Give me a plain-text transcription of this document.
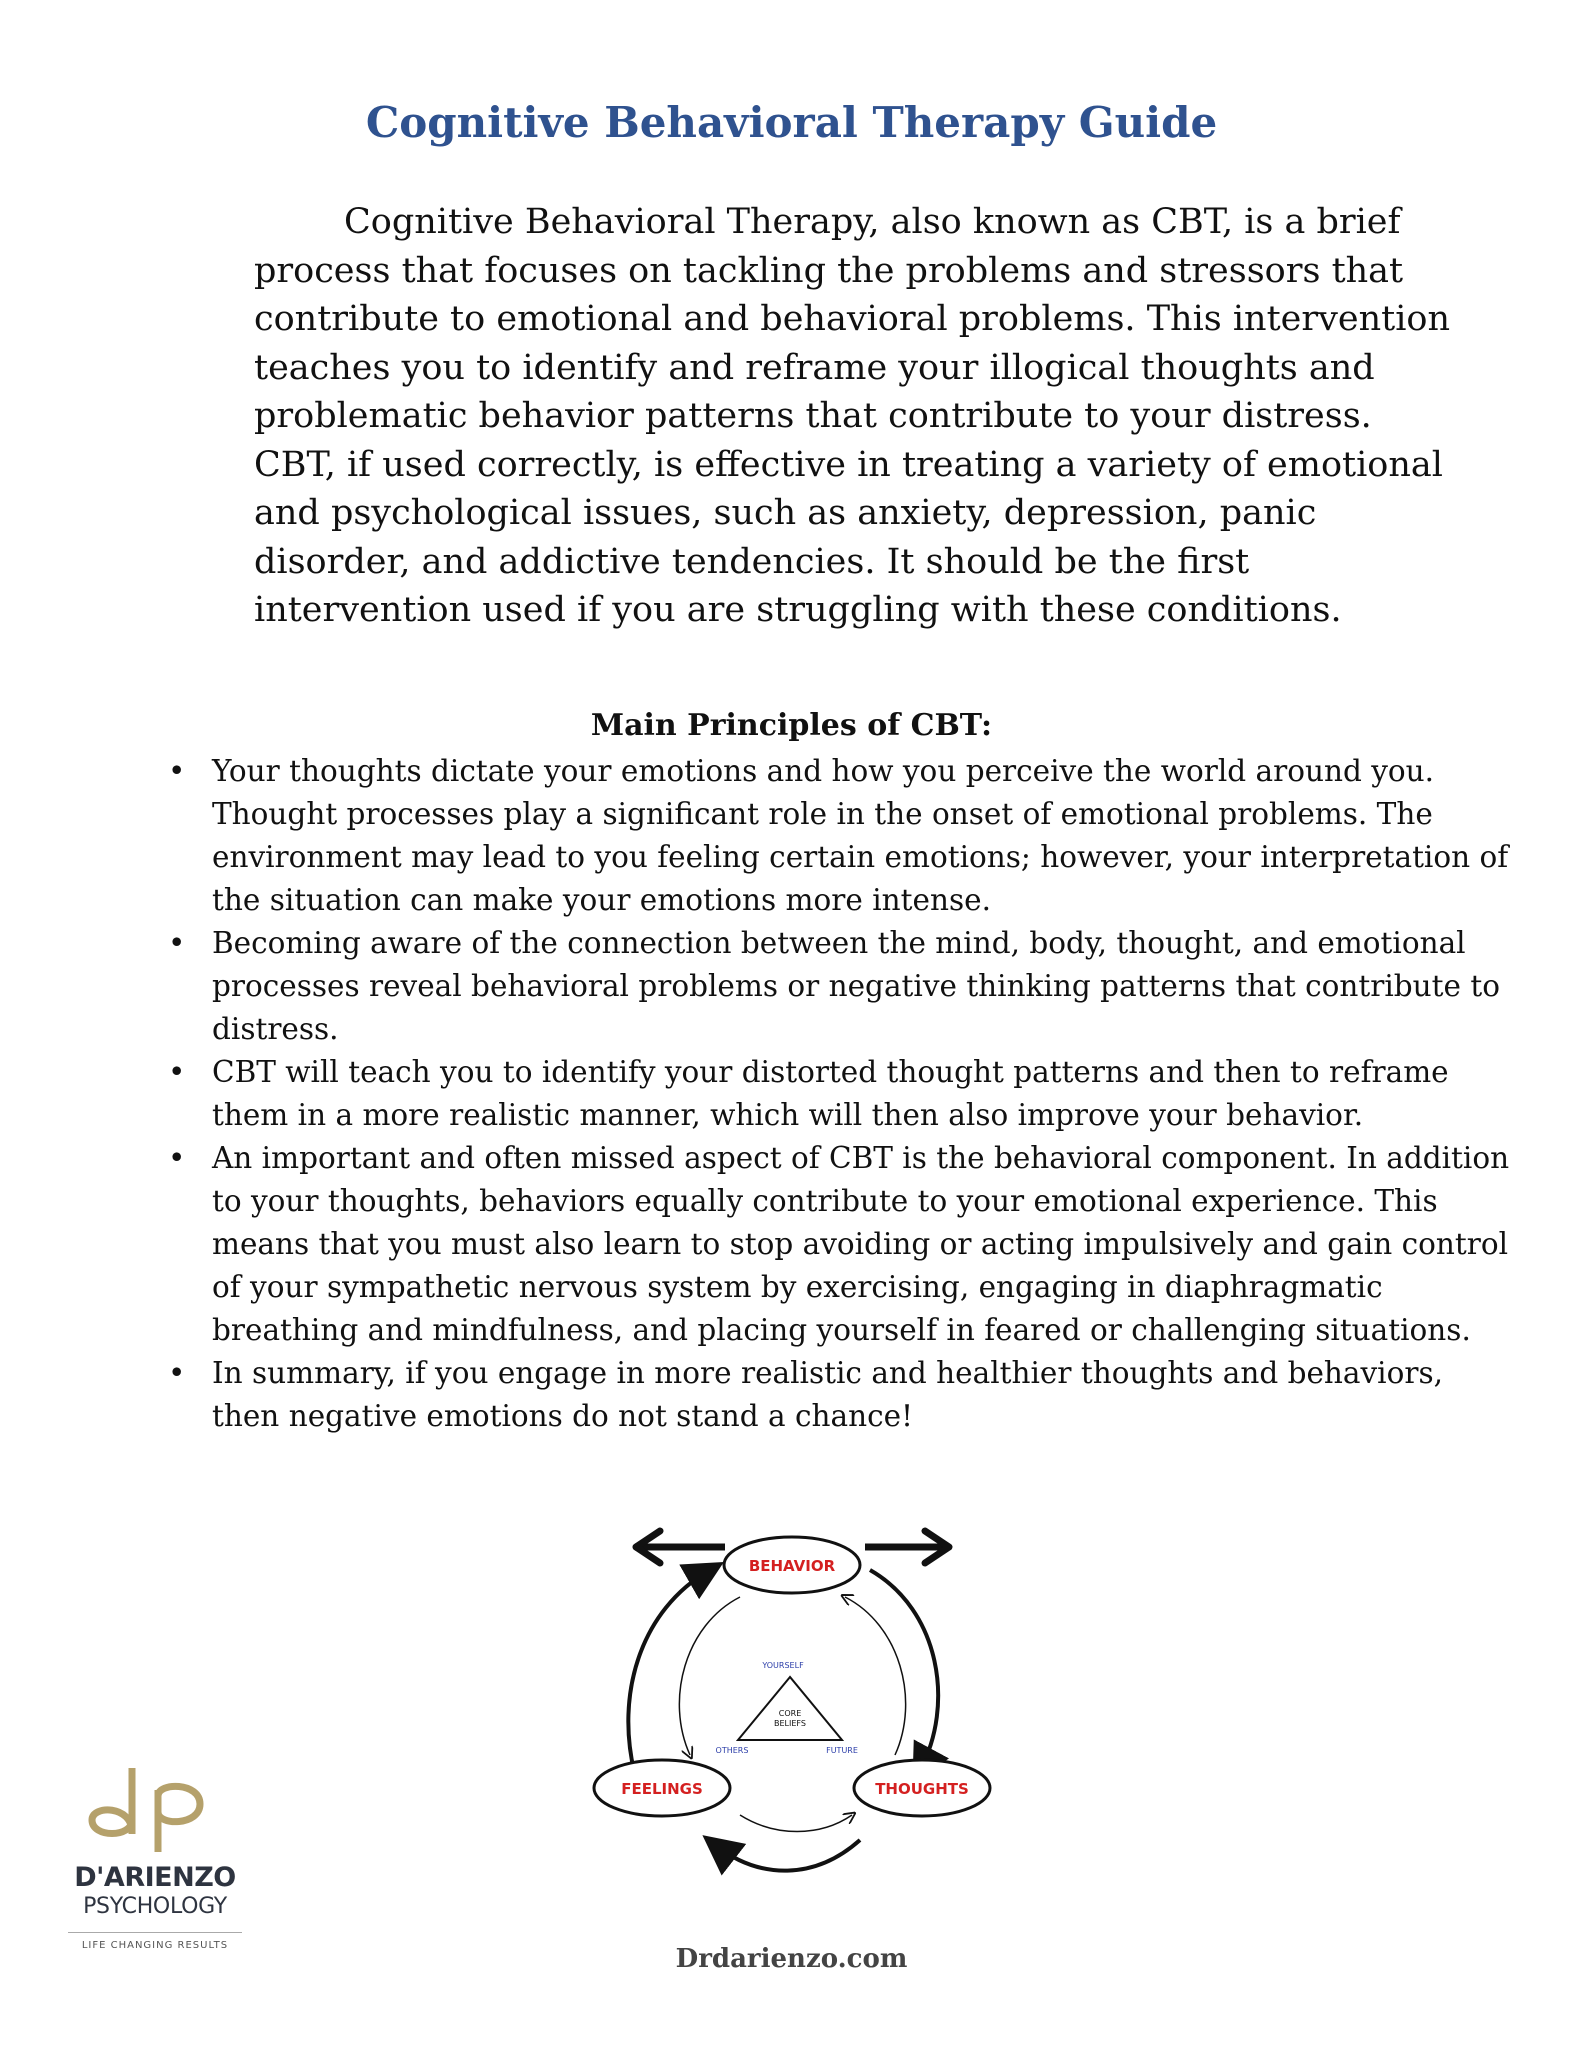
Cognitive Behavioral Therapy Guide

Cognitive Behavioral Therapy, also known as CBT, is a brief process that focuses on tackling the problems and stressors that contribute to emotional and behavioral problems. This intervention teaches you to identify and reframe your illogical thoughts and problematic behavior patterns that contribute to your distress. CBT, if used correctly, is effective in treating a variety of emotional and psychological issues, such as anxiety, depression, panic disorder, and addictive tendencies. It should be the first intervention used if you are struggling with these conditions.

Main Principles of CBT:
• Your thoughts dictate your emotions and how you perceive the world around you. Thought processes play a significant role in the onset of emotional problems. The environment may lead to you feeling certain emotions; however, your interpretation of the situation can make your emotions more intense.
• Becoming aware of the connection between the mind, body, thought, and emotional processes reveal behavioral problems or negative thinking patterns that contribute to distress.
• CBT will teach you to identify your distorted thought patterns and then to reframe them in a more realistic manner, which will then also improve your behavior.
• An important and often missed aspect of CBT is the behavioral component. In addition to your thoughts, behaviors equally contribute to your emotional experience. This means that you must also learn to stop avoiding or acting impulsively and gain control of your sympathetic nervous system by exercising, engaging in diaphragmatic breathing and mindfulness, and placing yourself in feared or challenging situations.
• In summary, if you engage in more realistic and healthier thoughts and behaviors, then negative emotions do not stand a chance!
BEHAVIOR
FEELINGS	THOUGHTS
CORE
BELIEFS
YOURSELF
OTHERS	FUTURE
D'ARIENZO
PSYCHOLOGY
LIFE CHANGING RESULTS	Drdarienzo.com
